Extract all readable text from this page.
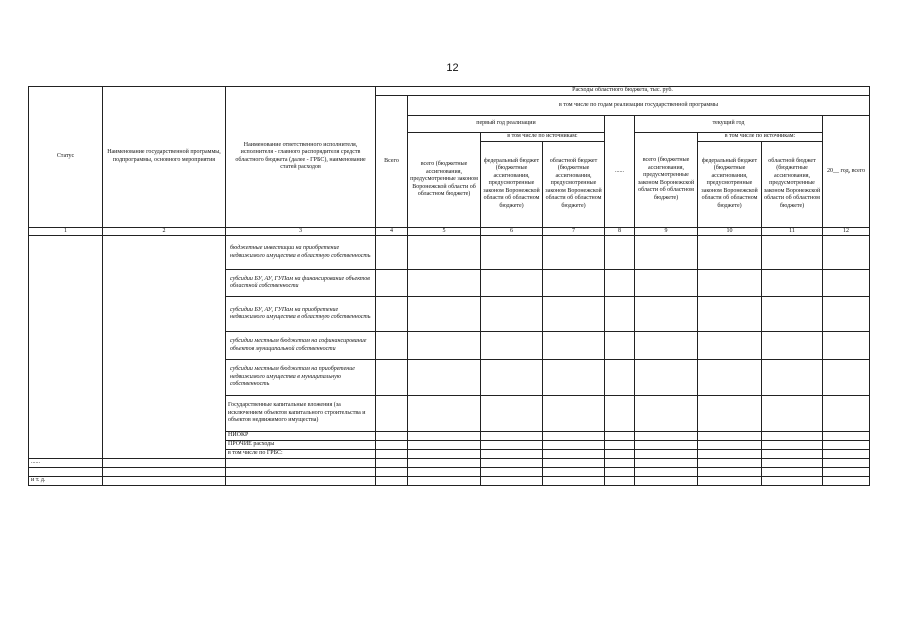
12
Статус	Наименование государственной программы, подпрограммы, основного мероприятия	Наименование ответственного исполнителя, исполнителя - главного распорядителя средств областного бюджета (далее - ГРБС), наименование статей расходов	Расходы областного бюджета, тыс. руб.								
			Всего	в том числе по годам реализации государственной программы							
				первый год реализации			......	текущий год			20__ год, всего
				всего (бюджетные ассигнования, предусмотренные законом Воронежской области об областном бюджете)	в том числе по источникам:			всего (бюджетные ассигнования, предусмотренные законом Воронежской области об областном бюджете)	в том числе по источникам:		
					федеральный бюджет (бюджетные ассигнования, предусмотренные законом Воронежской области об областном бюджете)	областной бюджет (бюджетные ассигнования, предусмотренные законом Воронежской области об областном бюджете)			федеральный бюджет (бюджетные ассигнования, предусмотренные законом Воронежской области об областном бюджете)	областной бюджет (бюджетные ассигнования, предусмотренные законом Воронежской области об областном бюджете)	
1	2	3	4	5	6	7	8	9	10	11	12
		бюджетные инвестиции на приобретение недвижимого имущества в областную собственность									
		субсидии БУ, АУ, ГУПам на финансирование объектов областной собственности									
		субсидии БУ, АУ, ГУПам на приобретение недвижимого имущества в областную собственность									
		субсидии местным бюджетам на софинансирование объектов муниципальной собственности									
		субсидии местным бюджетам на приобретение недвижимого имущества в муниципальную собственность									
		Государственные капитальные вложения (за исключением объектов капитального строительства и объектов недвижимого имущества)									
		НИОКР									
		ПРОЧИЕ расходы									
		в том числе по ГРБС:									
......											

и т. д.											
